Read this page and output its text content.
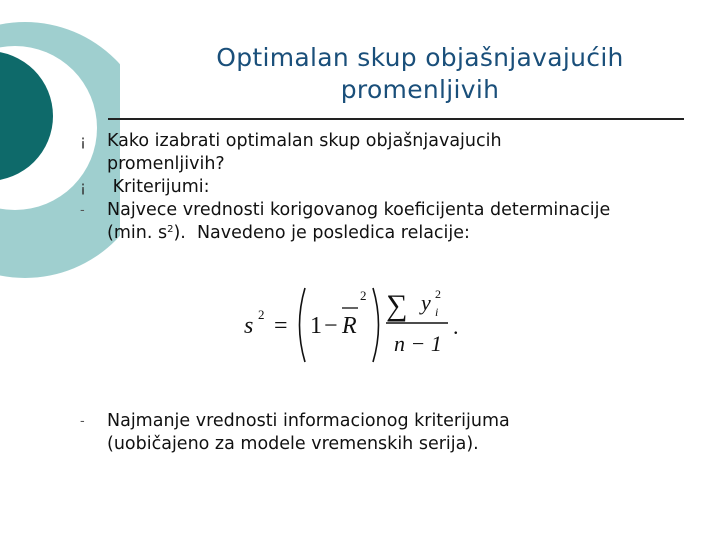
Optimalan skup objašnjavajućih
promenljivih
¡	Kako izabrati optimalan skup objašnjavajucih
promenljivih?
¡	Kriterijumi:
-	Najvece vrednosti korigovanog koeficijenta determinacije
(min. $s^2$).  Navedeno je posledica relacije:
s 2 = 1 − R
2 ∑ y 2
i
n − 1
.
-	Najmanje vrednosti informacionog kriterijuma
(uobičajeno za modele vremenskih serija).
